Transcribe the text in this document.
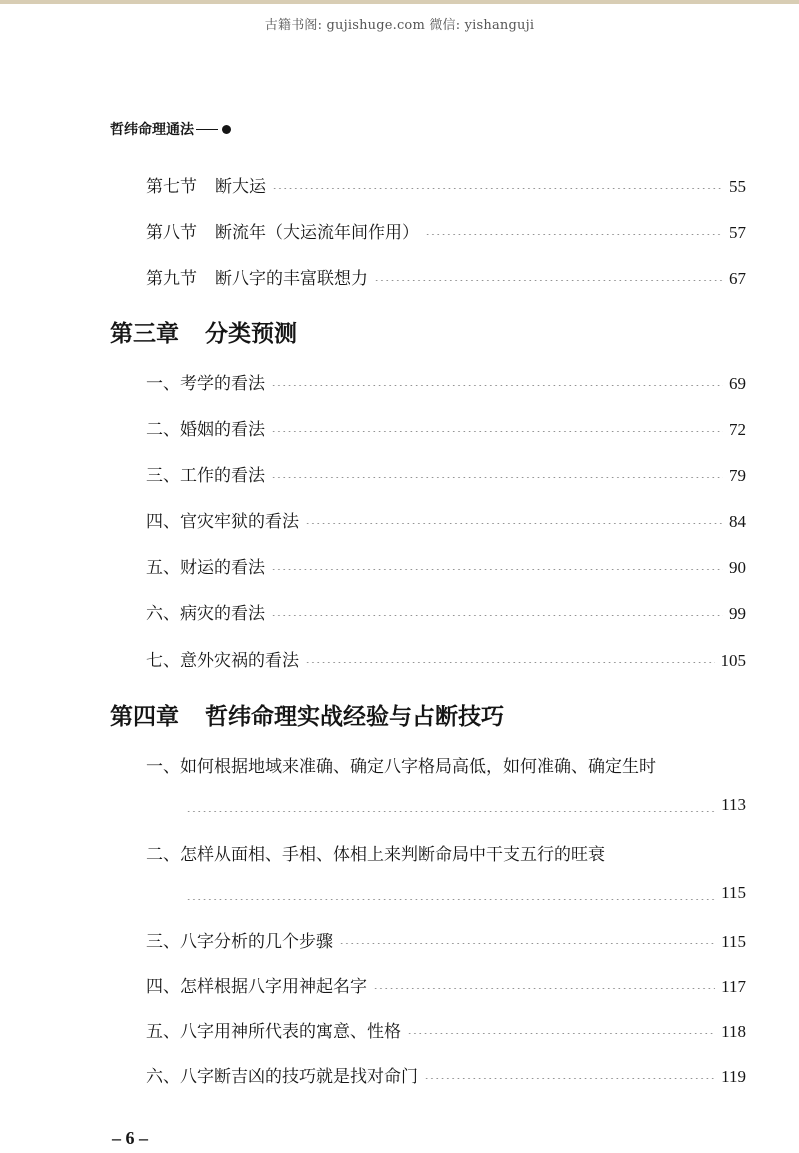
古籍书阁: gujishuge.com 微信: yishanguji
哲纬命理通法
第七节 断大运	55
第八节 断流年（大运流年间作用）	57
第九节 断八字的丰富联想力	67
第三章 分类预测
一、考学的看法	69
二、婚姻的看法	72
三、工作的看法	79
四、官灾牢狱的看法	84
五、财运的看法	90
六、病灾的看法	99
七、意外灾祸的看法	105
第四章 哲纬命理实战经验与占断技巧
一、如何根据地域来准确、确定八字格局高低，如何准确、确定生时
113
二、怎样从面相、手相、体相上来判断命局中干支五行的旺衰
115
三、八字分析的几个步骤	115
四、怎样根据八字用神起名字	117
五、八字用神所代表的寓意、性格	118
六、八字断吉凶的技巧就是找对命门	119
– 6 –
